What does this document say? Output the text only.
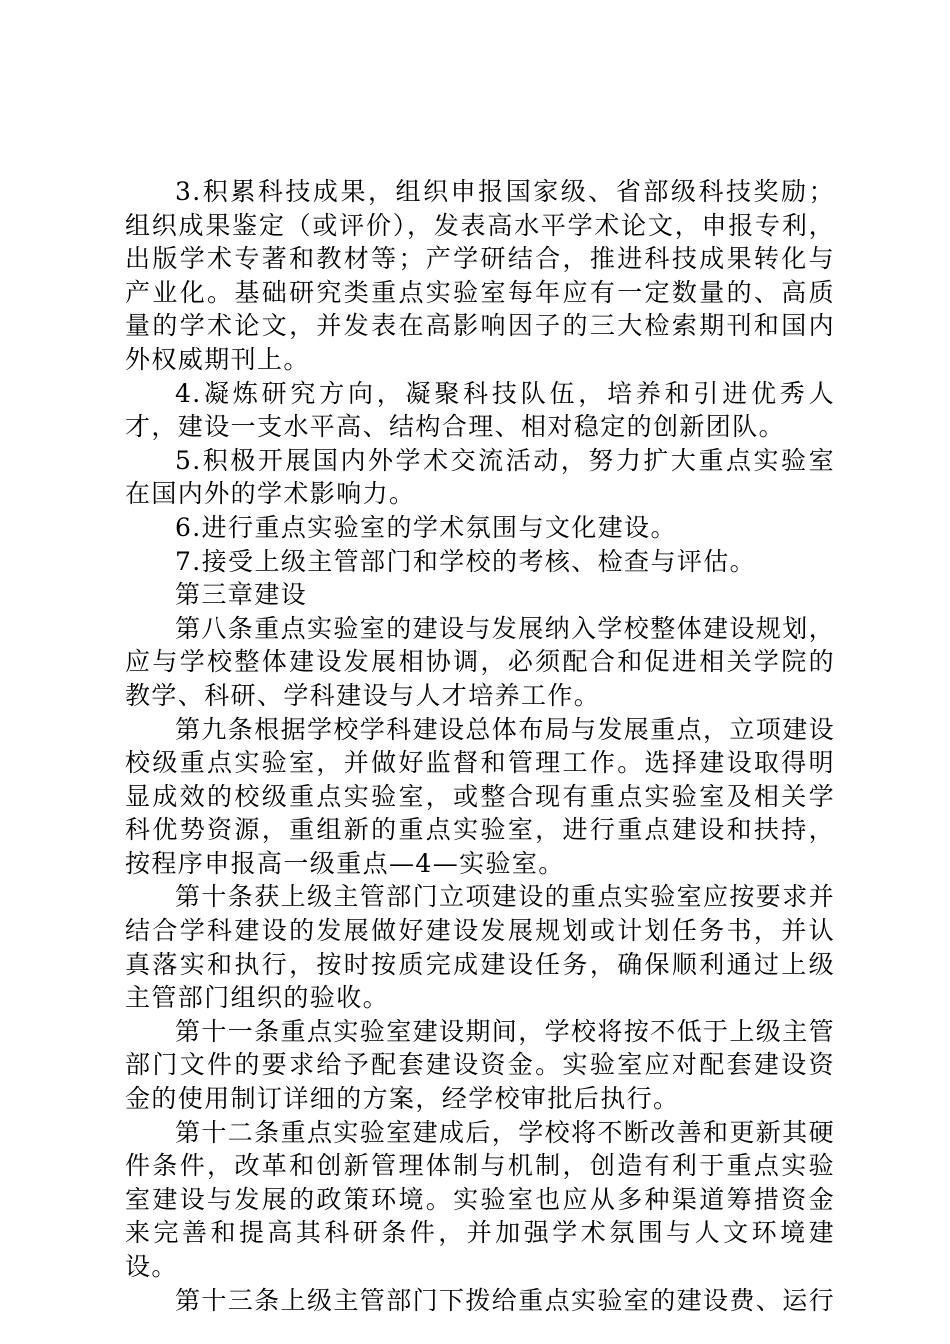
3.积累科技成果，组织申报国家级、省部级科技奖励；组织成果鉴定（或评价），发表高水平学术论文，申报专利，出版学术专著和教材等；产学研结合，推进科技成果转化与产业化。基础研究类重点实验室每年应有一定数量的、高质量的学术论文，并发表在高影响因子的三大检索期刊和国内外权威期刊上。

4.凝炼研究方向，凝聚科技队伍，培养和引进优秀人才，建设一支水平高、结构合理、相对稳定的创新团队。

5.积极开展国内外学术交流活动，努力扩大重点实验室在国内外的学术影响力。

6.进行重点实验室的学术氛围与文化建设。

7.接受上级主管部门和学校的考核、检查与评估。

第三章建设

第八条重点实验室的建设与发展纳入学校整体建设规划，应与学校整体建设发展相协调，必须配合和促进相关学院的教学、科研、学科建设与人才培养工作。

第九条根据学校学科建设总体布局与发展重点，立项建设校级重点实验室，并做好监督和管理工作。选择建设取得明显成效的校级重点实验室，或整合现有重点实验室及相关学科优势资源，重组新的重点实验室，进行重点建设和扶持，按程序申报高一级重点—4—实验室。

第十条获上级主管部门立项建设的重点实验室应按要求并结合学科建设的发展做好建设发展规划或计划任务书，并认真落实和执行，按时按质完成建设任务，确保顺利通过上级主管部门组织的验收。

第十一条重点实验室建设期间，学校将按不低于上级主管部门文件的要求给予配套建设资金。实验室应对配套建设资金的使用制订详细的方案，经学校审批后执行。

第十二条重点实验室建成后，学校将不断改善和更新其硬件条件，改革和创新管理体制与机制，创造有利于重点实验室建设与发展的政策环境。实验室也应从多种渠道筹措资金来完善和提高其科研条件，并加强学术氛围与人文环境建设。

第十三条上级主管部门下拨给重点实验室的建设费、运行
